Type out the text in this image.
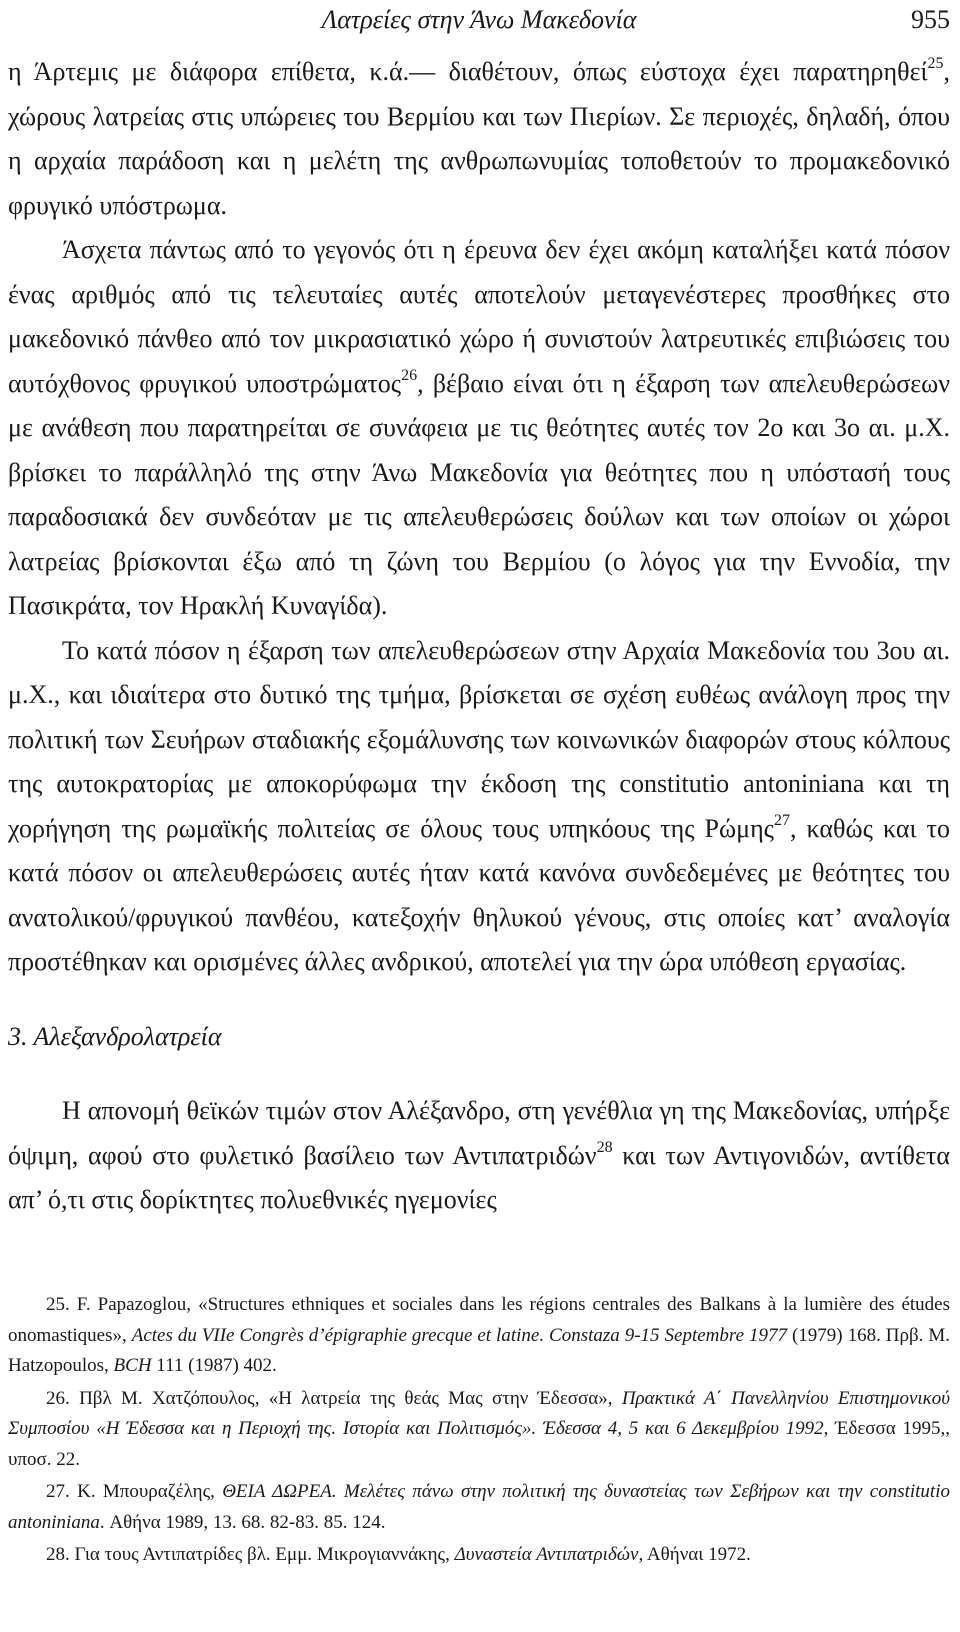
Λατρείες στην Άνω Μακεδονία	955

η Άρτεμις με διάφορα επίθετα, κ.ά.— διαθέτουν, όπως εύστοχα έχει παρατηρηθεί$^{25}$, χώρους λατρείας στις υπώρειες του Βερμίου και των Πιερίων. Σε περιοχές, δηλαδή, όπου η αρχαία παράδοση και η μελέτη της ανθρωπωνυμίας τοποθετούν το προμακεδονικό φρυγικό υπόστρωμα.

Άσχετα πάντως από το γεγονός ότι η έρευνα δεν έχει ακόμη καταλήξει κατά πόσον ένας αριθμός από τις τελευταίες αυτές αποτελούν μεταγενέστερες προσθήκες στο μακεδονικό πάνθεο από τον μικρασιατικό χώρο ή συνιστούν λατρευτικές επιβιώσεις του αυτόχθονος φρυγικού υποστρώματος$^{26}$, βέβαιο είναι ότι η έξαρση των απελευθερώσεων με ανάθεση που παρατηρείται σε συνάφεια με τις θεότητες αυτές τον 2ο και 3ο αι. μ.Χ. βρίσκει το παράλληλό της στην Άνω Μακεδονία για θεότητες που η υπόστασή τους παραδοσιακά δεν συνδεόταν με τις απελευθερώσεις δούλων και των οποίων οι χώροι λατρείας βρίσκονται έξω από τη ζώνη του Βερμίου (ο λόγος για την Εννοδία, την Πασικράτα, τον Ηρακλή Κυναγίδα).

Το κατά πόσον η έξαρση των απελευθερώσεων στην Αρχαία Μακεδονία του 3ου αι. μ.Χ., και ιδιαίτερα στο δυτικό της τμήμα, βρίσκεται σε σχέση ευθέως ανάλογη προς την πολιτική των Σευήρων σταδιακής εξομάλυνσης των κοινωνικών διαφορών στους κόλπους της αυτοκρατορίας με αποκορύφωμα την έκδοση της constitutio antoniniana και τη χορήγηση της ρωμαϊκής πολιτείας σε όλους τους υπηκόους της Ρώμης$^{27}$, καθώς και το κατά πόσον οι απελευθερώσεις αυτές ήταν κατά κανόνα συνδεδεμένες με θεότητες του ανατολικού/φρυγικού πανθέου, κατεξοχήν θηλυκού γένους, στις οποίες κατ’ αναλογία προστέθηκαν και ορισμένες άλλες ανδρικού, αποτελεί για την ώρα υπόθεση εργασίας.

3. Αλεξανδρολατρεία

Η απονομή θεϊκών τιμών στον Αλέξανδρο, στη γενέθλια γη της Μακεδονίας, υπήρξε όψιμη, αφού στο φυλετικό βασίλειο των Αντιπατριδών$^{28}$ και των Αντιγονιδών, αντίθετα απ’ ό,τι στις δορίκτητες πολυεθνικές ηγεμονίες

25. F. Papazoglou, «Structures ethniques et sociales dans les régions centrales des Balkans à la lumière des études onomastiques», Actes du VIIe Congrès d’épigraphie grecque et latine. Constaza 9-15 Septembre 1977 (1979) 168. Πρβ. M. Hatzopoulos, BCH 111 (1987) 402.

26. Πβλ Μ. Χατζόπουλος, «Η λατρεία της θεάς Μας στην Έδεσσα», Πρακτικά Α΄ Πανελληνίου Επιστημονικού Συμποσίου «Η Έδεσσα και η Περιοχή της. Ιστορία και Πολιτισμός». Έδεσσα 4, 5 και 6 Δεκεμβρίου 1992, Έδεσσα 1995,, υποσ. 22.

27. Κ. Μπουραζέλης, ΘΕΙΑ ΔΩΡΕΑ. Μελέτες πάνω στην πολιτική της δυναστείας των Σεβήρων και την constitutio antoniniana. Αθήνα 1989, 13. 68. 82-83. 85. 124.

28. Για τους Αντιπατρίδες βλ. Εμμ. Μικρογιαννάκης, Δυναστεία Αντιπατριδών, Αθήναι 1972.
